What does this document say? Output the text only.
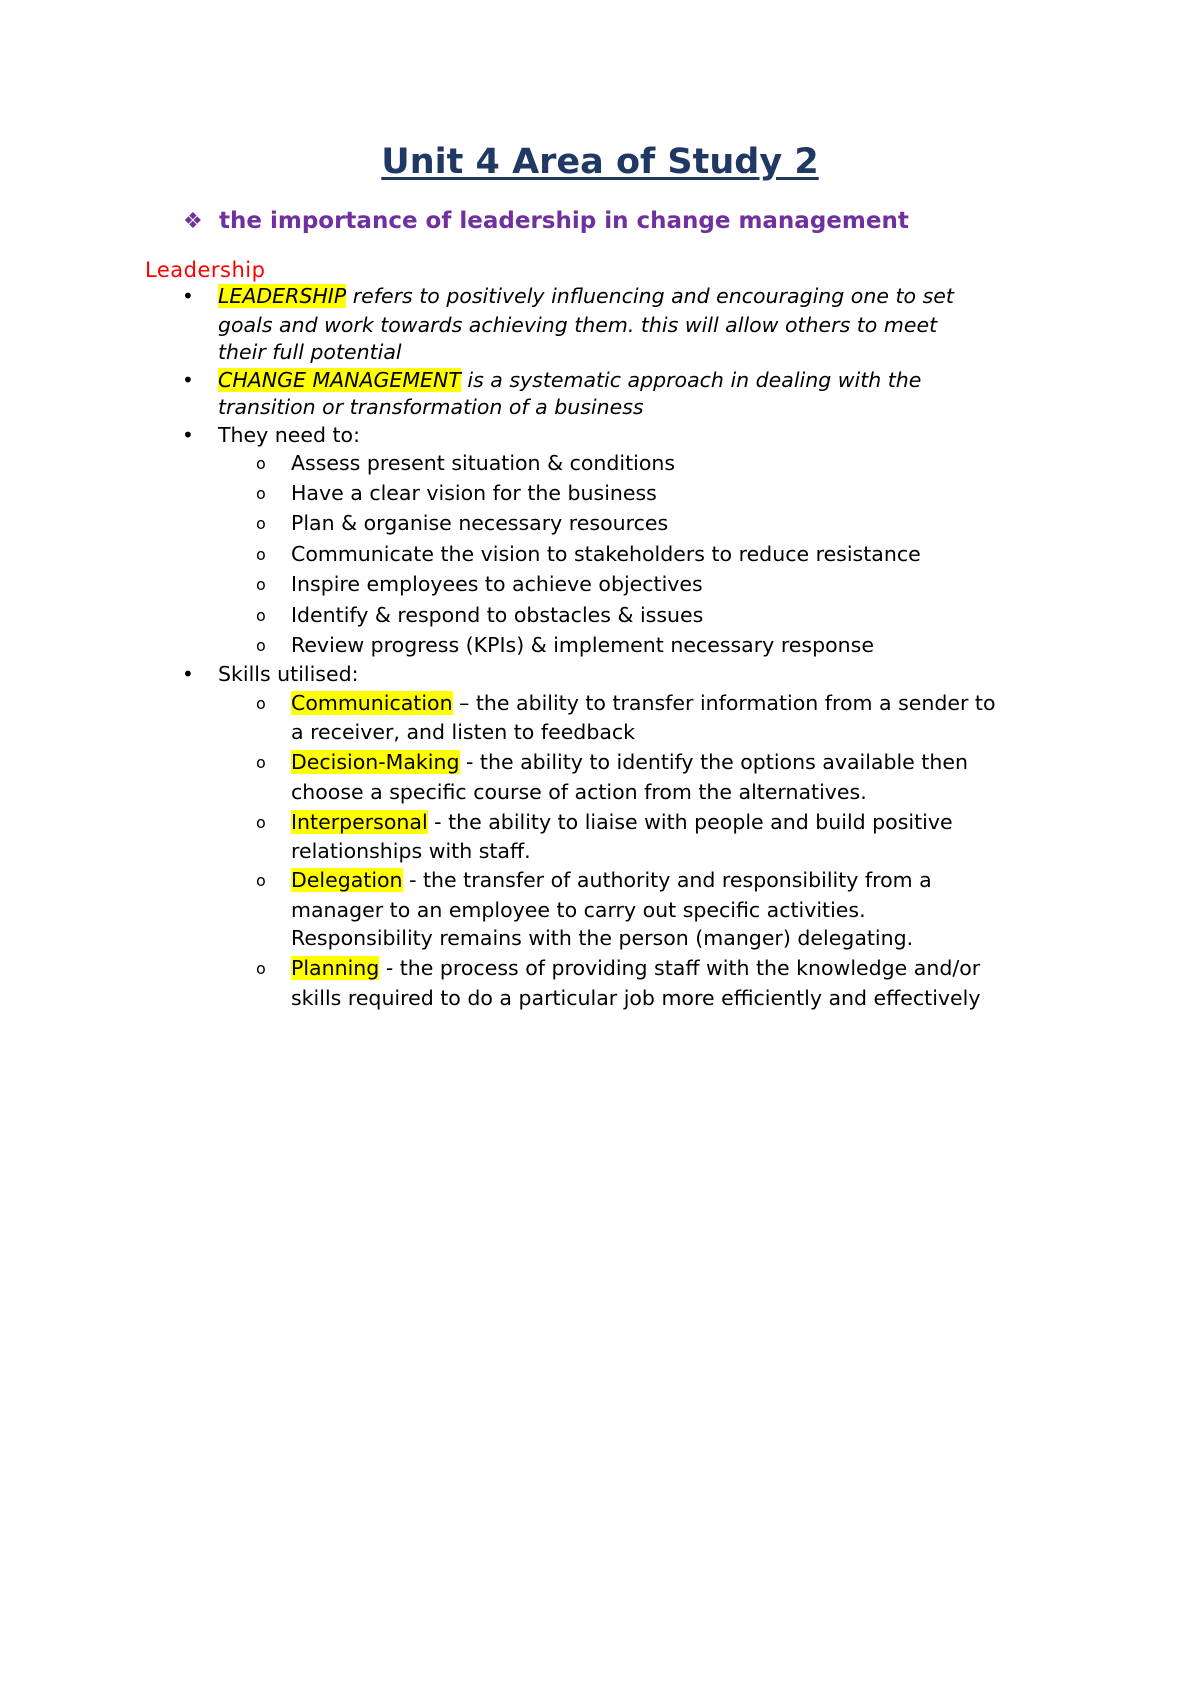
Unit 4 Area of Study 2
❖ the importance of leadership in change management
Leadership
• LEADERSHIP refers to positively influencing and encouraging one to set
goals and work towards achieving them. this will allow others to meet
their full potential
• CHANGE MANAGEMENT is a systematic approach in dealing with the
transition or transformation of a business
• They need to:
o Assess present situation & conditions
o Have a clear vision for the business
o Plan & organise necessary resources
o Communicate the vision to stakeholders to reduce resistance
o Inspire employees to achieve objectives
o Identify & respond to obstacles & issues
o Review progress (KPIs) & implement necessary response
• Skills utilised:
o Communication – the ability to transfer information from a sender to
a receiver, and listen to feedback
o Decision-Making - the ability to identify the options available then
choose a specific course of action from the alternatives.
o Interpersonal - the ability to liaise with people and build positive
relationships with staff.
o Delegation - the transfer of authority and responsibility from a
manager to an employee to carry out specific activities.
Responsibility remains with the person (manger) delegating.
o Planning - the process of providing staff with the knowledge and/or
skills required to do a particular job more efficiently and effectively
